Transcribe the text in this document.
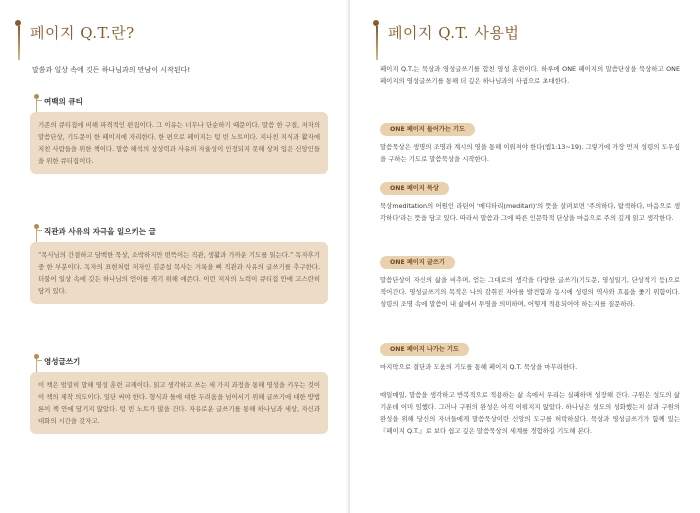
페이지 Q.T.란?
말씀과 일상 속에 깃든 하나님과의 만남이 시작된다!
여백의 큐티
기존의 큐티집에 비해 파격적인 편집이다. 그 이유는 너무나 단순하기 때문이다. 말씀 한 구절, 저자의 말씀단상, 기도문이 한 페이지에 자리한다. 한 편으로 페이지는 텅 빈 노트이다. 지나친 지식과 활자에 지친 사람들을 위한 책이다. 말씀 해석의 상상력과 사유의 자율성이 인정되지 못해 상처 입은 신앙인들을 위한 큐티집이다.
직관과 사유의 자극을 일으키는 글
“목사님의 간결하고 담백한 묵상, 소박하지만 번뜩이는 직관, 생활과 가까운 기도를 읽는다.” 독자후기 중 한 부분이다. 독자의 표현처럼 저자인 김준섭 목사는 거룩을 삐 직관과 사유의 글쓰기를 추구한다. 더불어 일상 속에 깃든 하나님의 언어를 캐기 위해 애쓴다. 이런 저자의 노력이 큐티집 안에 고스란히 담겨 있다.
영성글쓰기
이 책은 엄밀히 말해 영성 훈련 교재이다. 읽고 생각하고 쓰는 세 가지 과정을 통해 영성을 키우는 것이 이 책의 제작 의도이다. 일단 써야 한다. 형식과 틀에 대한 두려움을 넘어서기 위해 글쓰기에 대한 방법론이 책 안에 담기지 않았다. 텅 빈 노트가 많을 건다. 자유로운 글쓰기를 통해 하나님과 세상, 자신과 대화의 시간을 갖자고.
페이지 Q.T. 사용법
페이지 Q.T.는 묵상과 영성글쓰기를 합친 영성 훈련이다. 하루에 ONE 페이지의 말씀단상을 묵상하고 ONE 페이지의 영성글쓰기를 통해 더 깊은 하나님과의 사귐으로 초대한다.
ONE 페이지 들어가는 기도
말씀묵상은 생명의 조명과 계시의 영을 통해 이뤄져야 한다(엡1:13~19). 그렇기에 가장 먼저 성령의 도우심을 구하는 기도로 말씀묵상을 시작한다.
ONE 페이지 묵상
묵상meditation의 어원인 라틴어 '메디타리(meditari)'의 뜻을 살펴보면 '주의하다, 탐색하다, 마음으로 생각하다'라는 뜻을 담고 있다. 따라서 말씀과 그에 따른 인문학적 단상을 마음으로 주의 깊게 읽고 생각한다.
ONE 페이지 글쓰기
말씀단상이 자신의 삶을 비추며, 얻는 그대로의 생각을 다양한 글쓰기(기도문, 영성일기, 단상적기 등)으로 적어간다. 영성글쓰기의 목적은 나의 감취진 자아를 발견함과 동시에 성령의 역사와 흐름을 좇기 위함이다. 성령의 조명 속에 말씀이 내 삶에서 투영을 의미하며, 어떻게 적용되어야 하는지를 질문하라.
ONE 페이지 나가는 기도
마지막으로 결단과 도움의 기도를 통해 페이지 Q.T. 묵상을 마무리한다.
매일매일, 말씀을 생각하고 반복적으로 적용하는 삶 속에서 우리는 실패하며 성장해 간다. 구원은 성도의 삶 기운데 이미 임했다. 그러나 구원의 완성은 아직 이뤄지지 않았다. 하나님은 성도의 성화했는지 살과 구원의 완성을 위해 당신의 자녀들에게 말씀묵상이란 신앙의 도구를 허락하셨다. 묵상과 영성글쓰기가 함께 있는 『페이지 Q.T.』로 보다 쉽고 깊은 말씀묵상의 세계를 경험하길 기도해 본다.
